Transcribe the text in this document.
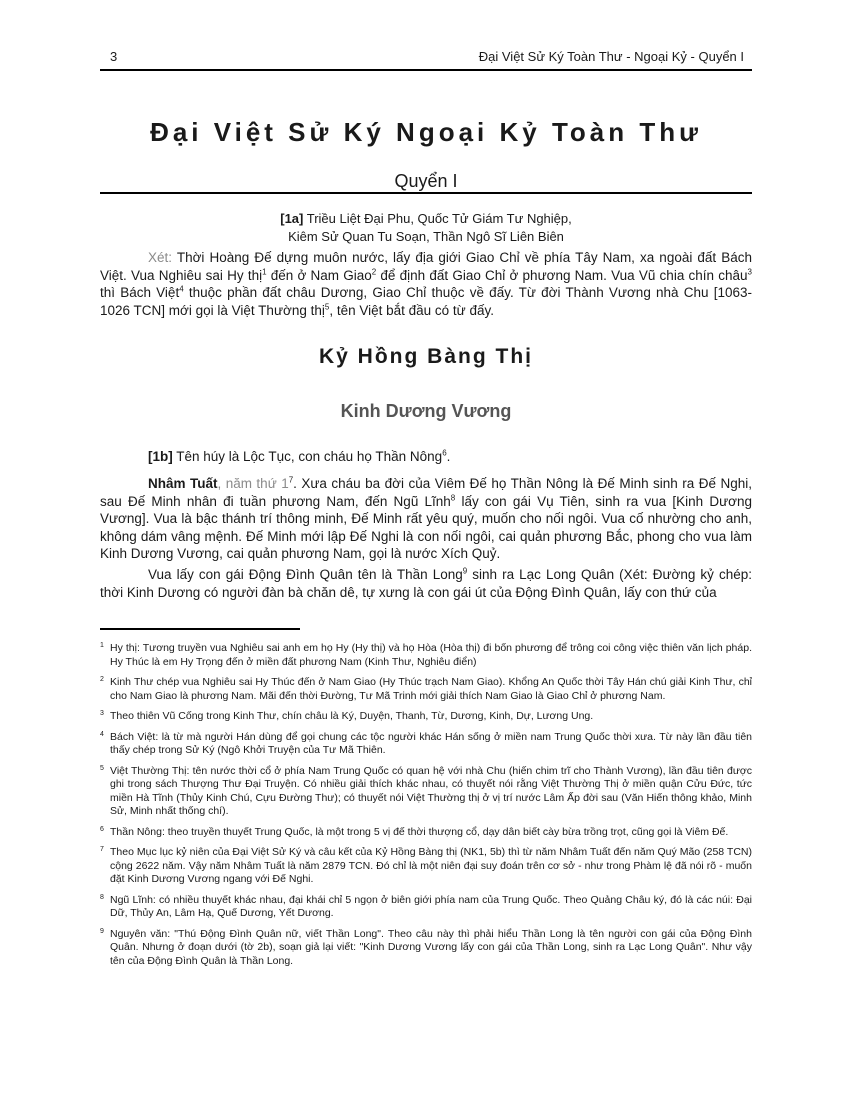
3	Đại Việt Sử Ký Toàn Thư - Ngoại Kỷ - Quyển I
Đại Việt Sử Ký Ngoại Kỷ Toàn Thư
Quyển I
[1a] Triều Liệt Đại Phu, Quốc Tử Giám Tư Nghiệp,
Kiêm Sử Quan Tu Soạn, Thần Ngô Sĩ Liên Biên
Xét: Thời Hoàng Đế dựng muôn nước, lấy địa giới Giao Chỉ về phía Tây Nam, xa ngoài đất Bách Việt. Vua Nghiêu sai Hy thị$^1$ đến ở Nam Giao$^2$ để định đất Giao Chỉ ở phương Nam. Vua Vũ chia chín châu$^3$ thì Bách Việt$^4$ thuộc phần đất châu Dương, Giao Chỉ thuộc về đấy. Từ đời Thành Vương nhà Chu [1063-1026 TCN] mới gọi là Việt Thường thị$^5$, tên Việt bắt đầu có từ đấy.
Kỷ Hồng Bàng Thị
Kinh Dương Vương
[1b] Tên húy là Lộc Tục, con cháu họ Thần Nông$^6$.
Nhâm Tuất, năm thứ $1^7$. Xưa cháu ba đời của Viêm Đế họ Thần Nông là Đế Minh sinh ra Đế Nghi, sau Đế Minh nhân đi tuần phương Nam, đến Ngũ Lĩnh$^8$ lấy con gái Vụ Tiên, sinh ra vua [Kinh Dương Vương]. Vua là bậc thánh trí thông minh, Đế Minh rất yêu quý, muốn cho nối ngôi. Vua cố nhường cho anh, không dám vâng mệnh. Đế Minh mới lập Đế Nghi là con nối ngôi, cai quản phương Bắc, phong cho vua làm Kinh Dương Vương, cai quản phương Nam, gọi là nước Xích Quỷ.
Vua lấy con gái Động Đình Quân tên là Thần Long$^9$ sinh ra Lạc Long Quân (Xét: Đường kỷ chép: thời Kinh Dương có người đàn bà chăn dê, tự xưng là con gái út của Động Đình Quân, lấy con thứ của
1 Hy thị: Tương truyền vua Nghiêu sai anh em họ Hy (Hy thị) và họ Hòa (Hòa thị) đi bốn phương để trông coi công việc thiên văn lịch pháp. Hy Thúc là em Hy Trọng đến ở miền đất phương Nam (Kinh Thư, Nghiêu điển)
2 Kinh Thư chép vua Nghiêu sai Hy Thúc đến ở Nam Giao (Hy Thúc trạch Nam Giao). Khổng An Quốc thời Tây Hán chú giải Kinh Thư, chỉ cho Nam Giao là phương Nam. Mãi đến thời Đường, Tư Mã Trinh mới giải thích Nam Giao là Giao Chỉ ở phương Nam.
3 Theo thiên Vũ Cống trong Kinh Thư, chín châu là Ký, Duyện, Thanh, Từ, Dương, Kinh, Dự, Lương Ung.
4 Bách Việt: là từ mà người Hán dùng để gọi chung các tộc người khác Hán sống ở miền nam Trung Quốc thời xưa. Từ này lần đầu tiên thấy chép trong Sử Ký (Ngô Khởi Truyện của Tư Mã Thiên.
5 Việt Thường Thị: tên nước thời cổ ở phía Nam Trung Quốc có quan hệ với nhà Chu (hiến chim trĩ cho Thành Vương), lần đầu tiên được ghi trong sách Thượng Thư Đại Truyện. Có nhiều giải thích khác nhau, có thuyết nói rằng Việt Thường Thị ở miền quận Cửu Đức, tức miền Hà Tĩnh (Thủy Kinh Chú, Cựu Đường Thư); có thuyết nói Việt Thường thị ở vị trí nước Lâm Ấp đời sau (Văn Hiến thông khảo, Minh Sử, Minh nhất thống chí).
6 Thần Nông: theo truyền thuyết Trung Quốc, là một trong 5 vị đế thời thượng cổ, dạy dân biết cày bừa trồng trọt, cũng gọi là Viêm Đế.
7 Theo Mục lục kỷ niên của Đại Việt Sử Ký và câu kết của Kỷ Hồng Bàng thị (NK1, 5b) thì từ năm Nhâm Tuất đến năm Quý Mão (258 TCN) cộng 2622 năm. Vậy năm Nhâm Tuất là năm 2879 TCN. Đó chỉ là một niên đại suy đoán trên cơ sở - như trong Phàm lệ đã nói rõ - muốn đặt Kinh Dương Vương ngang với Đế Nghi.
8 Ngũ Lĩnh: có nhiều thuyết khác nhau, đại khái chỉ 5 ngọn ở biên giới phía nam của Trung Quốc. Theo Quảng Châu ký, đó là các núi: Đại Dữ, Thủy An, Lâm Hạ, Quế Dương, Yết Dương.
9 Nguyên văn: "Thú Động Đình Quân nữ, viết Thần Long". Theo câu này thì phải hiểu Thần Long là tên người con gái của Động Đình Quân. Nhưng ở đoạn dưới (tờ 2b), soạn giả lại viết: "Kinh Dương Vương lấy con gái của Thần Long, sinh ra Lạc Long Quân". Như vậy tên của Động Đình Quân là Thần Long.
